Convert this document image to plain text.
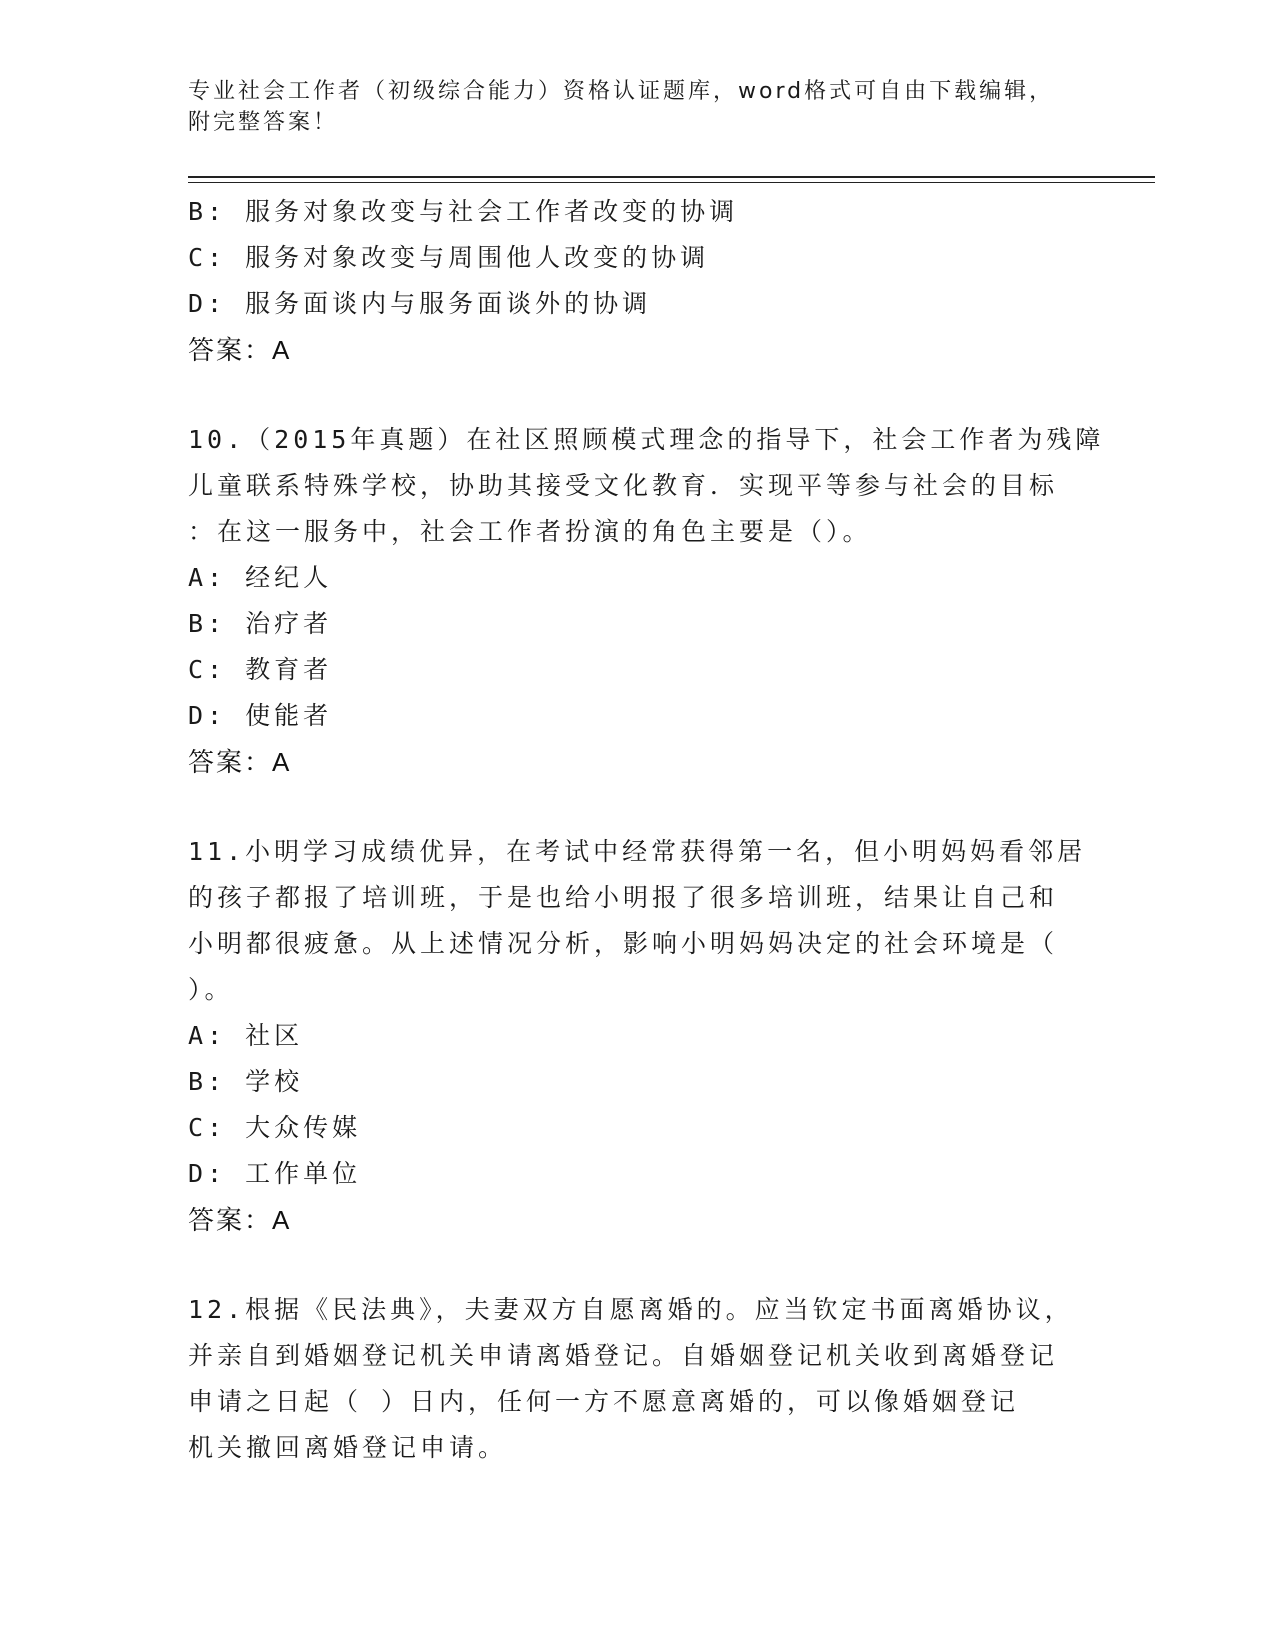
专业社会工作者（初级综合能力）资格认证题库，word格式可自由下载编辑，附完整答案！
B: 服务对象改变与社会工作者改变的协调
C: 服务对象改变与周围他人改变的协调
D: 服务面谈内与服务面谈外的协调
答案：A
10.（2015年真题）在社区照顾模式理念的指导下，社会工作者为残障
儿童联系特殊学校，协助其接受文化教育．实现平等参与社会的目标
：在这一服务中，社会工作者扮演的角色主要是（）。
A: 经纪人
B: 治疗者
C: 教育者
D: 使能者
答案：A
11.小明学习成绩优异，在考试中经常获得第一名，但小明妈妈看邻居
的孩子都报了培训班，于是也给小明报了很多培训班，结果让自己和
小明都很疲惫。从上述情况分析，影响小明妈妈决定的社会环境是（
）。
A: 社区
B: 学校
C: 大众传媒
D: 工作单位
答案：A
12.根据《民法典》，夫妻双方自愿离婚的。应当钦定书面离婚协议，
并亲自到婚姻登记机关申请离婚登记。自婚姻登记机关收到离婚登记
申请之日起（ ）日内，任何一方不愿意离婚的，可以像婚姻登记
机关撤回离婚登记申请。
